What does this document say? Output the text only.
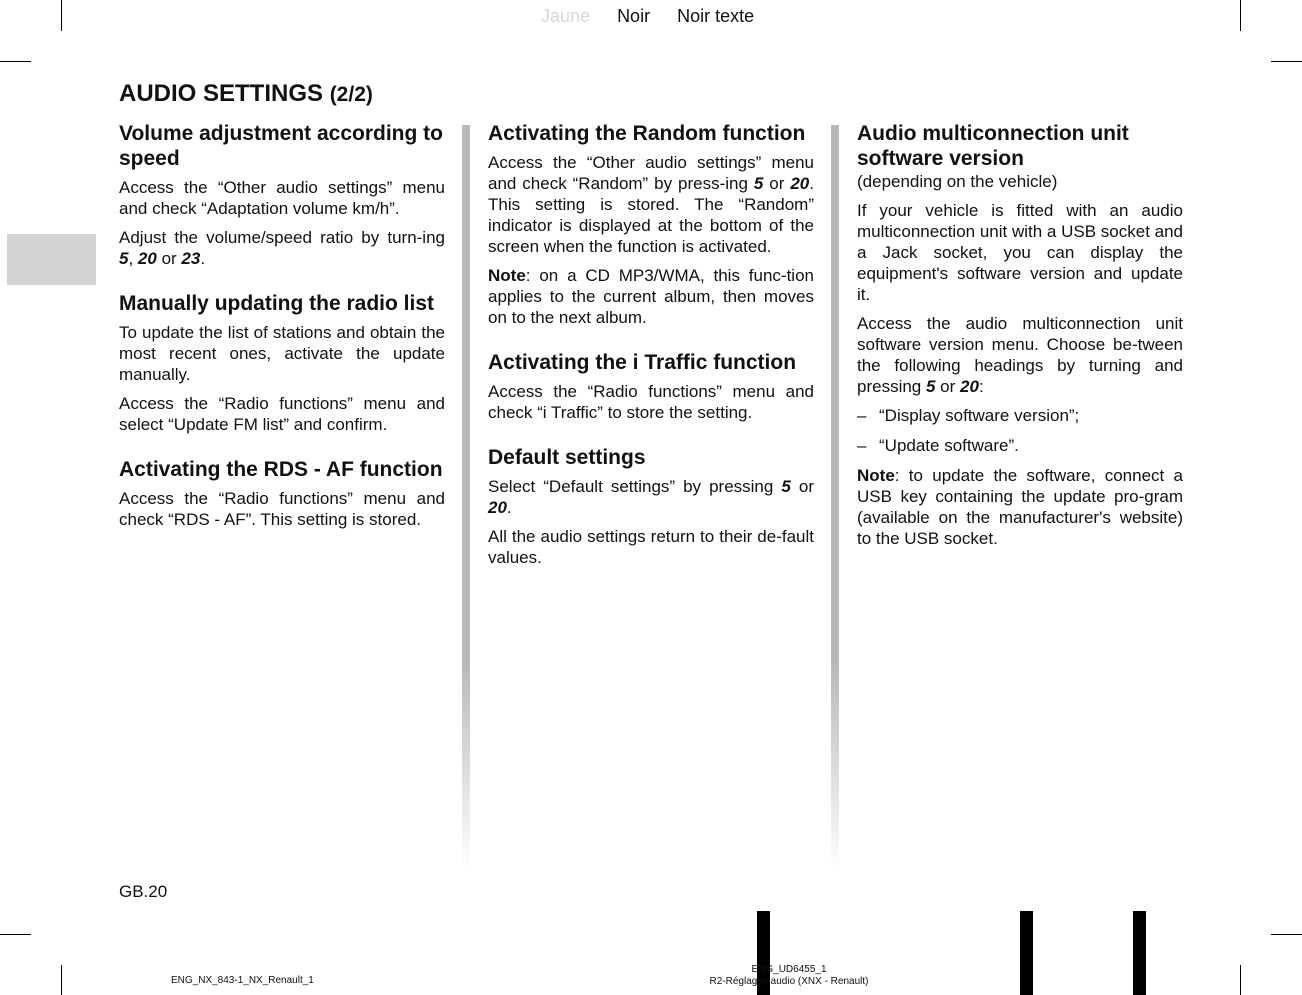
Jaune Noir Noir texte
AUDIO SETTINGS (2/2)
Volume adjustment according to speed

Access the “Other audio settings” menu and check “Adaptation volume km/h”.

Adjust the volume/speed ratio by turn-ing 5, 20 or 23.

Manually updating the radio list

To update the list of stations and obtain the most recent ones, activate the update manually.

Access the “Radio functions” menu and select “Update FM list” and confirm.

Activating the RDS - AF function

Access the “Radio functions” menu and check “RDS - AF”. This setting is stored.

Activating the Random function

Access the “Other audio settings” menu and check “Random” by press-ing 5 or 20. This setting is stored. The “Random” indicator is displayed at the bottom of the screen when the function is activated.

Note: on a CD MP3/WMA, this func-tion applies to the current album, then moves on to the next album.

Activating the i Traffic function

Access the “Radio functions” menu and check “i Traffic” to store the setting.

Default settings

Select “Default settings” by pressing 5 or 20.

All the audio settings return to their de-fault values.

Audio multiconnection unit software version
(depending on the vehicle)

If your vehicle is fitted with an audio multiconnection unit with a USB socket and a Jack socket, you can display the equipment's software version and update it.

Access the audio multiconnection unit software version menu. Choose be-tween the following headings by turning and pressing 5 or 20:

– “Display software version”;
– “Update software”.

Note: to update the software, connect a USB key containing the update pro-gram (available on the manufacturer's website) to the USB socket.

GB.20
ENG_NX_843-1_NX_Renault_1
ENG_UD6455_1
R2-Réglages audio (XNX - Renault)
